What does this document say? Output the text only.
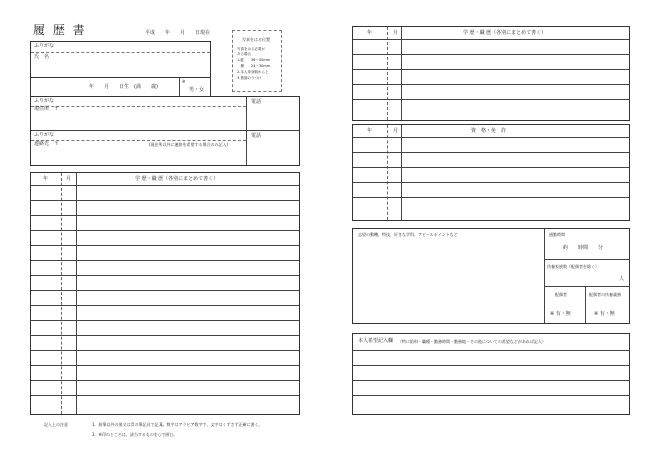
履 歴 書	平成　　年　　月　　日現在
写真をはる位置
写真をはる必要が
ある場合
1.縦　　36〜40mm
　横　　24〜30mm
2.本人単身胸から上
3.裏面のりづけ
ふりがな
氏　名
年　　月　　日生　(満　　歳)
※
男・女
ふりがな
現住所　〒
電話
ふりがな
連絡先　〒	(現住所以外に連絡を希望する場合のみ記入)
電話
年	月	学 歴・職 歴（各別にまとめて書く）
記入上の注意	1．鉛筆以外の黒又は青の筆記具で記入。
2．数字はアラビア数字で、文字はくずさず正確に書く。
3．※印のところは、該当するものを○で囲む。
年	月	学 歴・職 歴（各別にまとめて書く）
年	月	資　格・免　許
志望の動機、特技、好きな学科、アピールポイントなど	通勤時間
約　　時間　　分
扶養家族数（配偶者を除く）
人
配偶者	配偶者の扶養義務
※ 有・無	※ 有・無
本人希望記入欄 （特に給料・職種・勤務時間・勤務地・その他についての希望などがあれば記入）
